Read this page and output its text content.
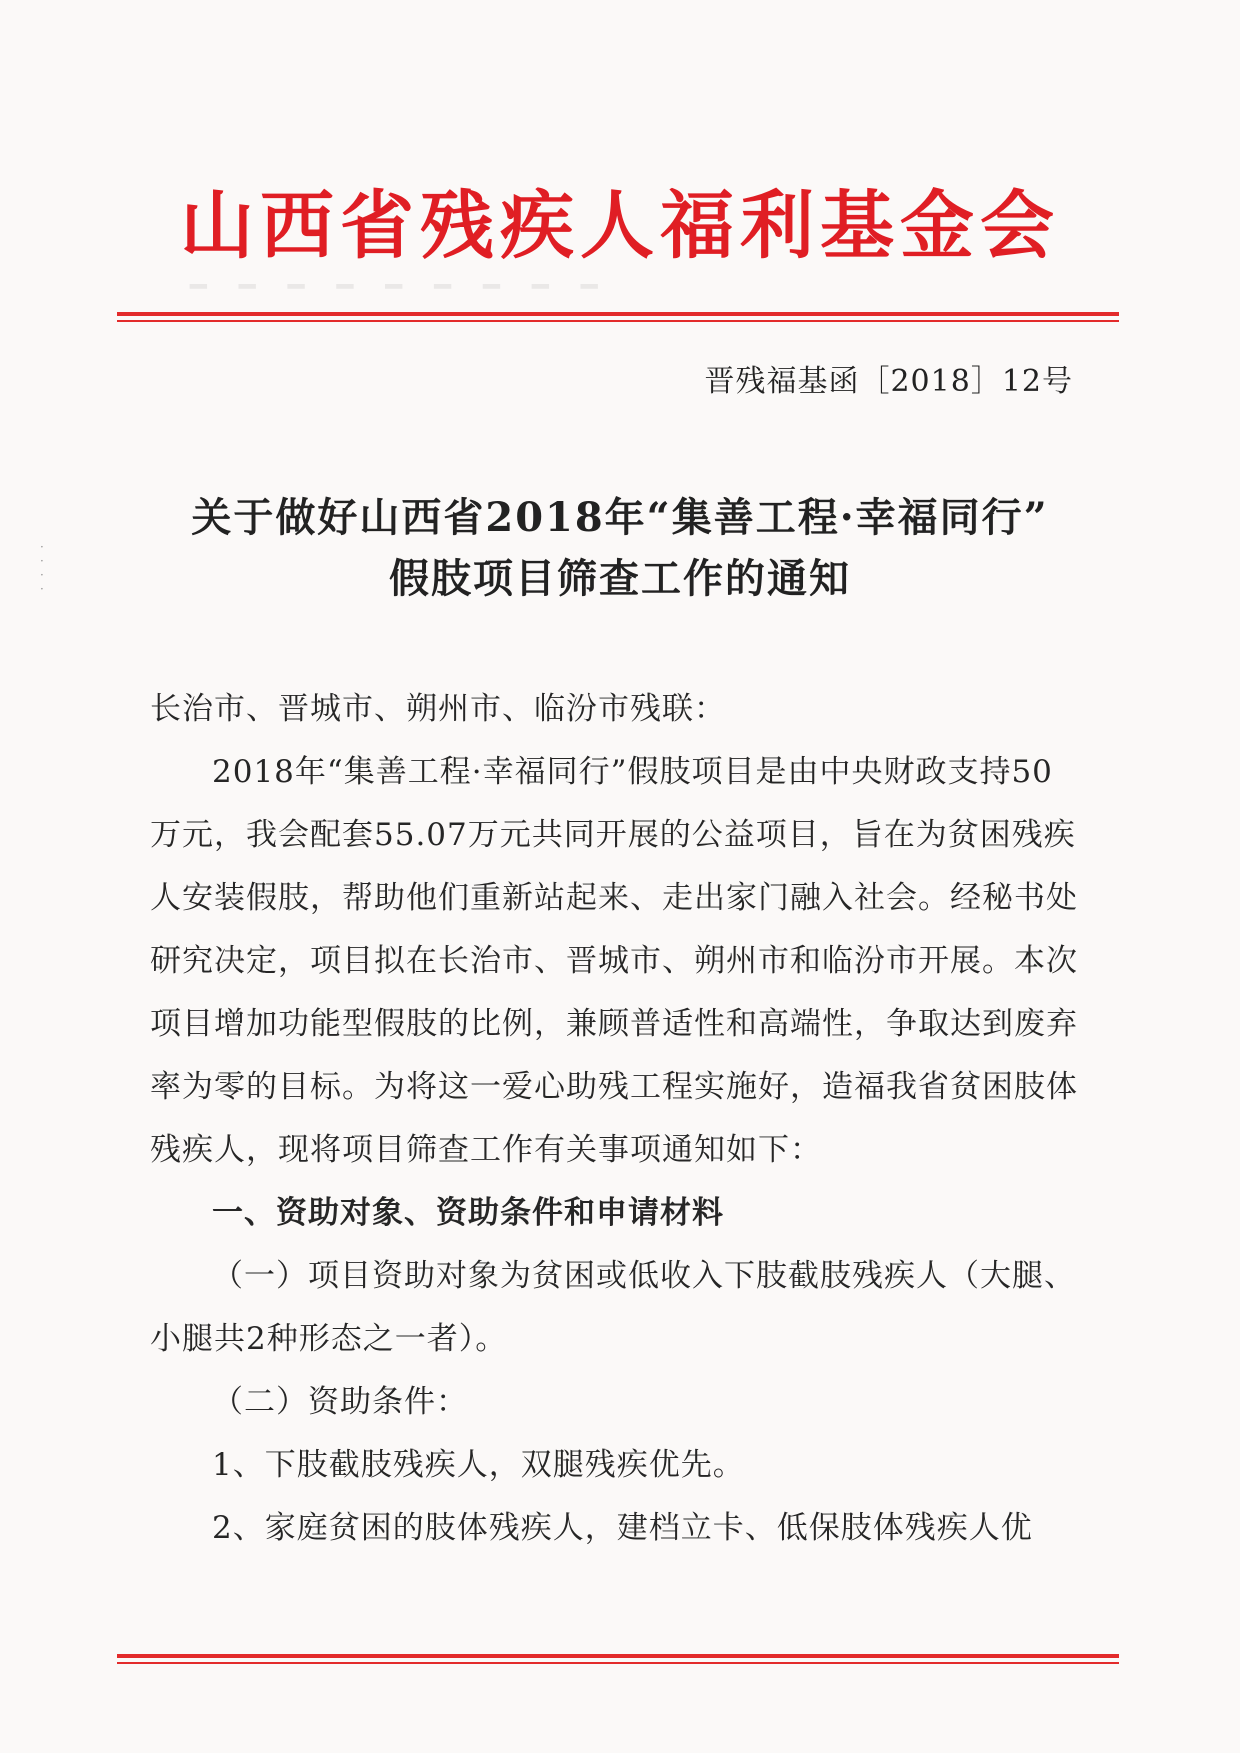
━　━　━　━　━　━　━　━　━
山西省残疾人福利基金会
晋残福基函［2018］12号
关于做好山西省2018年“集善工程·幸福同行”
假肢项目筛查工作的通知
长治市、晋城市、朔州市、临汾市残联：
2018年“集善工程·幸福同行”假肢项目是由中央财政支持50万元，我会配套55.07万元共同开展的公益项目，旨在为贫困残疾人安装假肢，帮助他们重新站起来、走出家门融入社会。经秘书处研究决定，项目拟在长治市、晋城市、朔州市和临汾市开展。本次项目增加功能型假肢的比例，兼顾普适性和高端性，争取达到废弃率为零的目标。为将这一爱心助残工程实施好，造福我省贫困肢体残疾人，现将项目筛查工作有关事项通知如下：
一、资助对象、资助条件和申请材料
（一）项目资助对象为贫困或低收入下肢截肢残疾人（大腿、小腿共2种形态之一者）。
（二）资助条件：
1、下肢截肢残疾人，双腿残疾优先。
2、家庭贫困的肢体残疾人，建档立卡、低保肢体残疾人优
·
·
·
·
